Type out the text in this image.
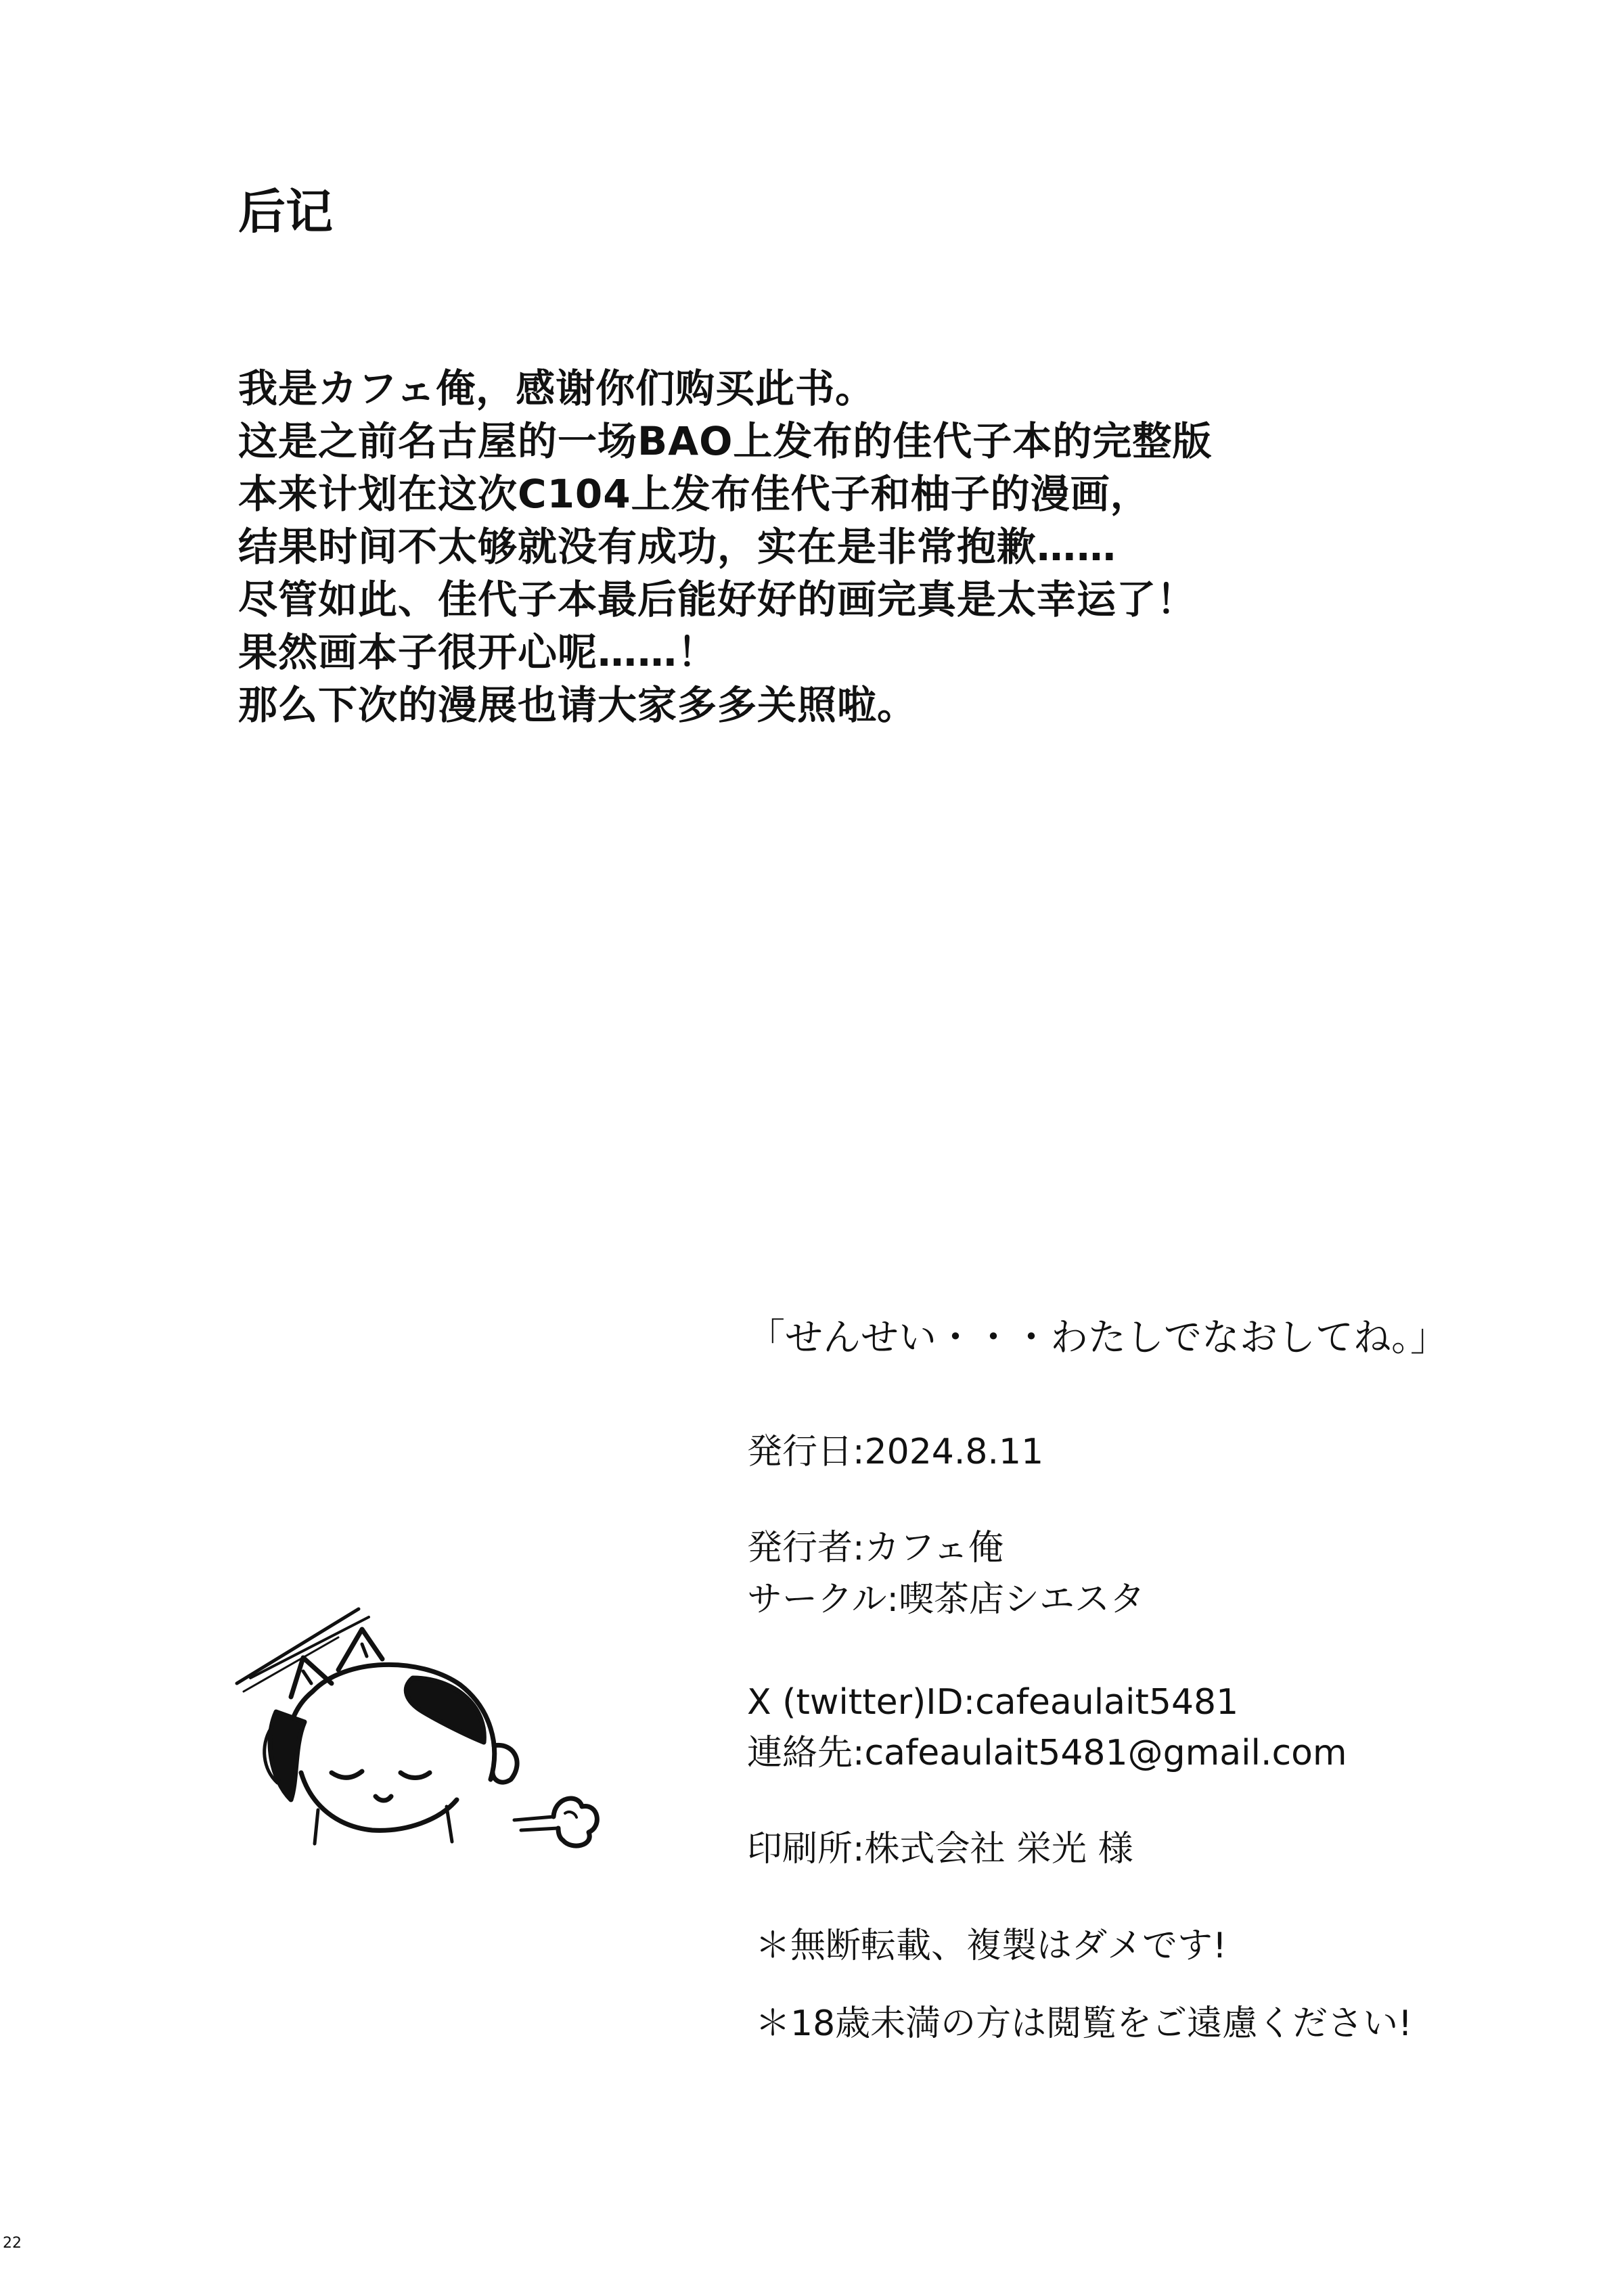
后记
我是カフェ俺，感谢你们购买此书。
这是之前名古屋的一场BAO上发布的佳代子本的完整版
本来计划在这次C104上发布佳代子和柚子的漫画，
结果时间不太够就没有成功，实在是非常抱歉……
尽管如此、佳代子本最后能好好的画完真是太幸运了！
果然画本子很开心呢……！
那么下次的漫展也请大家多多关照啦。
「せんせい・・・わたしでなおしてね。」
発行日:2024.8.11
発行者:カフェ俺
サークル:喫茶店シエスタ
X (twitter)ID:cafeaulait5481
連絡先:cafeaulait5481@gmail.com
印刷所:株式会社 栄光 様
＊無断転載、複製はダメです!
＊18歳未満の方は閲覧をご遠慮ください!
22
